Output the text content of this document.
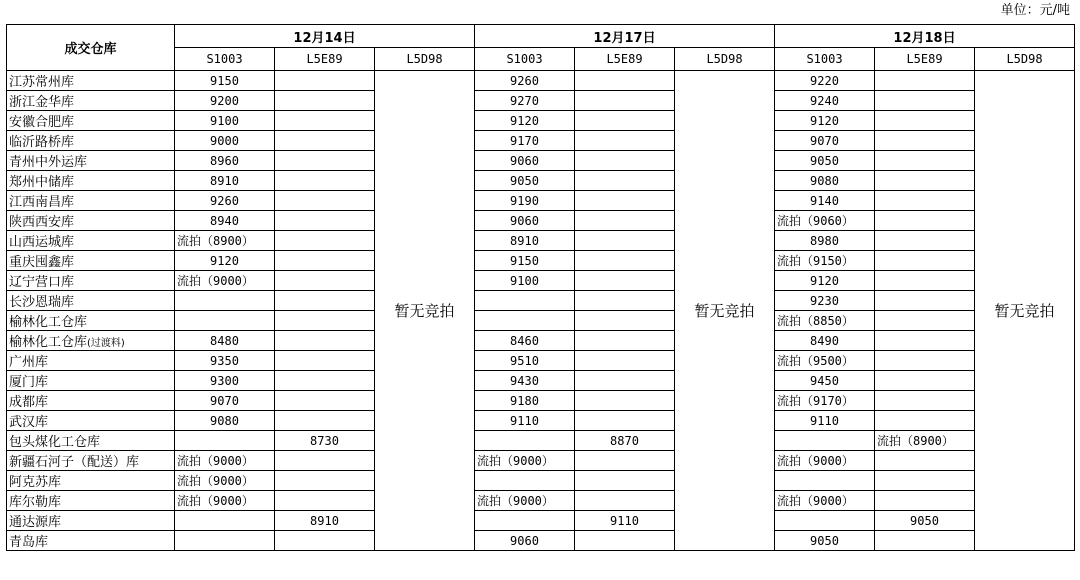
单位：元/吨
成交仓库	12月14日			12月17日			12月18日		
	S1003	L5E89	L5D98	S1003	L5E89	L5D98	S1003	L5E89	L5D98
江苏常州库	9150		暂无竞拍	9260		暂无竞拍	9220		暂无竞拍
浙江金华库	9200			9270			9240		
安徽合肥库	9100			9120			9120		
临沂路桥库	9000			9170			9070		
青州中外运库	8960			9060			9050		
郑州中储库	8910			9050			9080		
江西南昌库	9260			9190			9140		
陕西西安库	8940			9060			流拍（9060）		
山西运城库	流拍（8900）			8910			8980		
重庆囤鑫库	9120			9150			流拍（9150）		
辽宁营口库	流拍（9000）			9100			9120		
长沙恩瑞库							9230		
榆林化工仓库							流拍（8850）		
榆林化工仓库(过渡料)	8480			8460			8490		
广州库	9350			9510			流拍（9500）		
厦门库	9300			9430			9450		
成都库	9070			9180			流拍（9170）		
武汉库	9080			9110			9110		
包头煤化工仓库		8730			8870			流拍（8900）	
新疆石河子（配送）库	流拍（9000）			流拍（9000）			流拍（9000）		
阿克苏库	流拍（9000）								
库尔勒库	流拍（9000）			流拍（9000）			流拍（9000）		
通达源库		8910			9110			9050	
青岛库				9060			9050		
